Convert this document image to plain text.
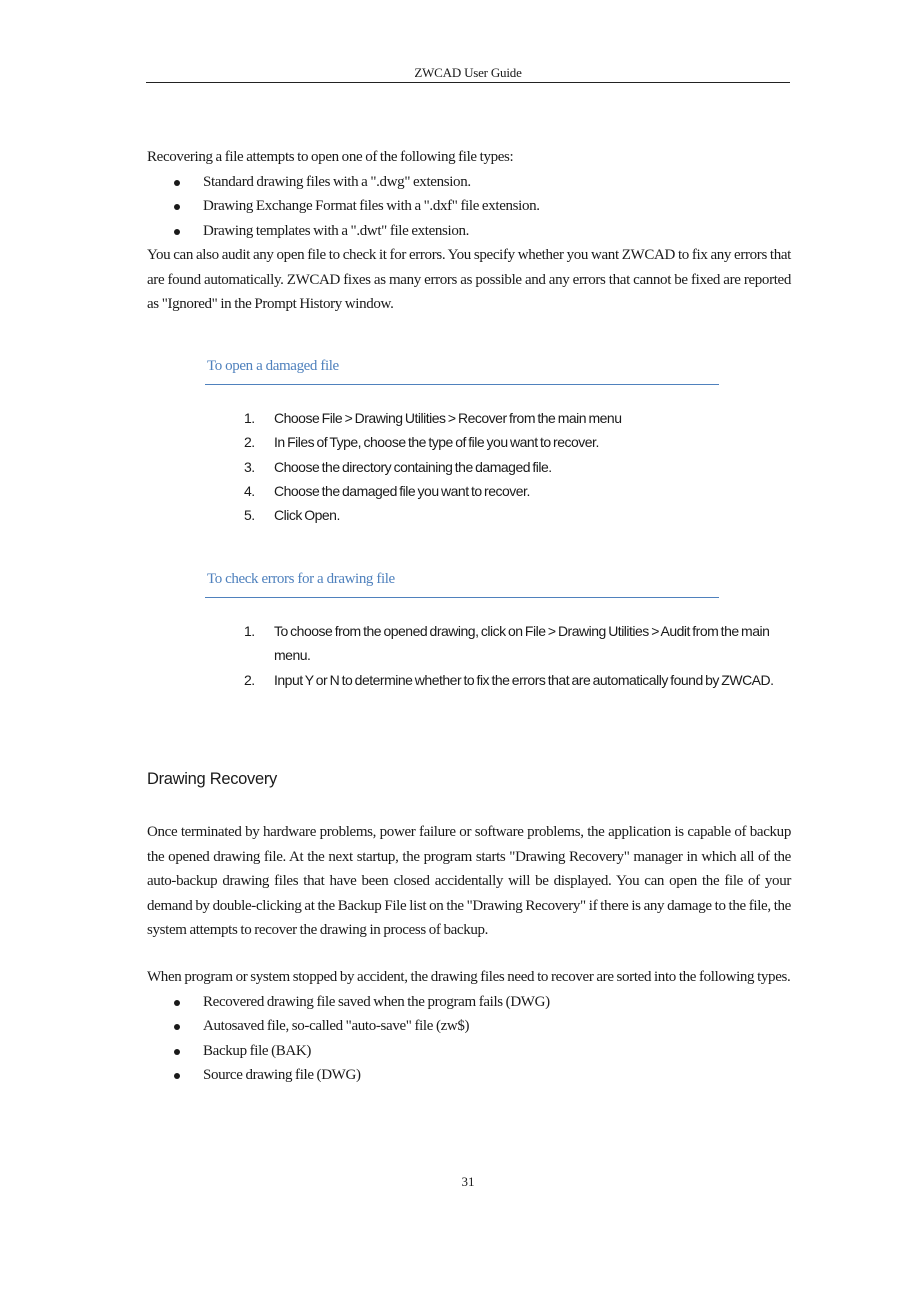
ZWCAD User Guide

Recovering a file attempts to open one of the following file types:

Standard drawing files with a ".dwg" extension.
Drawing Exchange Format files with a ".dxf" file extension.
Drawing templates with a ".dwt" file extension.

You can also audit any open file to check it for errors. You specify whether you want ZWCAD to fix any errors that are found automatically. ZWCAD fixes as many errors as possible and any errors that cannot be fixed are reported as "Ignored" in the Prompt History window.

To open a damaged file
1. Choose File > Drawing Utilities > Recover from the main menu
2. In Files of Type, choose the type of file you want to recover.
3. Choose the directory containing the damaged file.
4. Choose the damaged file you want to recover.
5. Click Open.
To check errors for a drawing file
1. To choose from the opened drawing, click on File > Drawing Utilities > Audit from the main menu.
2. Input Y or N to determine whether to fix the errors that are automatically found by ZWCAD.
Drawing Recovery

Once terminated by hardware problems, power failure or software problems, the application is capable of backup the opened drawing file. At the next startup, the program starts "Drawing Recovery" manager in which all of the auto-backup drawing files that have been closed accidentally will be displayed. You can open the file of your demand by double-clicking at the Backup File list on the "Drawing Recovery" if there is any damage to the file, the system attempts to recover the drawing in process of backup.

When program or system stopped by accident, the drawing files need to recover are sorted into the following types.

Recovered drawing file saved when the program fails (DWG)
Autosaved file, so-called "auto-save" file (zw$)
Backup file (BAK)
Source drawing file (DWG)
31
